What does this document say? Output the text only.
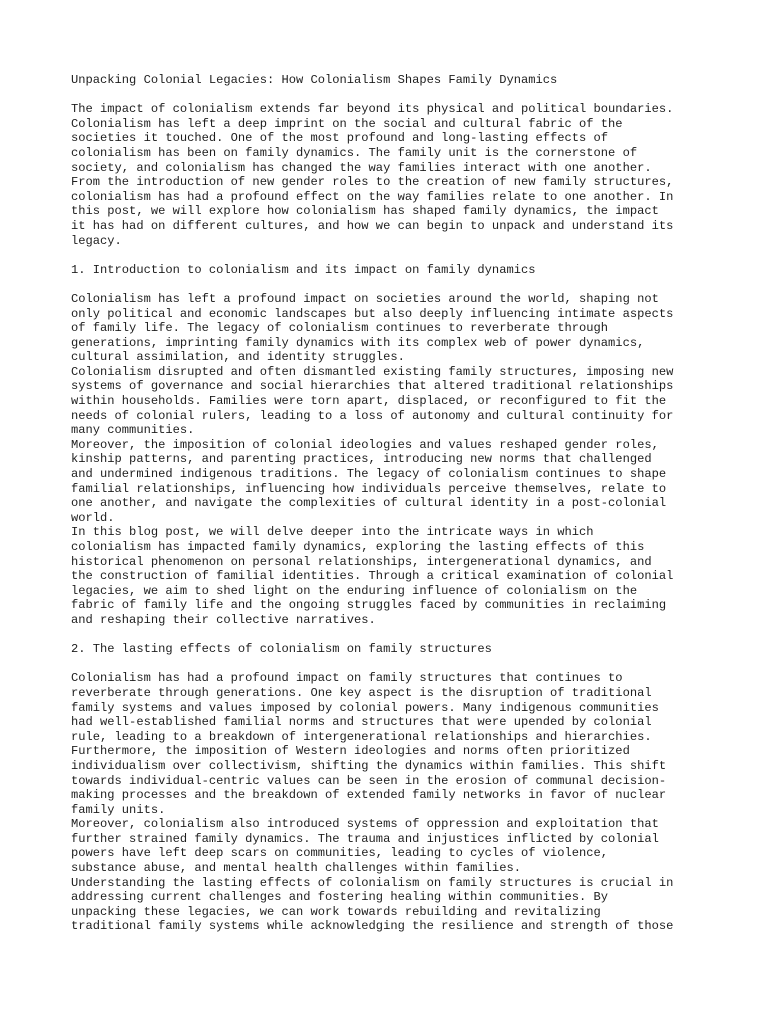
Unpacking Colonial Legacies: How Colonialism Shapes Family Dynamics

The impact of colonialism extends far beyond its physical and political boundaries.
Colonialism has left a deep imprint on the social and cultural fabric of the
societies it touched. One of the most profound and long-lasting effects of
colonialism has been on family dynamics. The family unit is the cornerstone of
society, and colonialism has changed the way families interact with one another.
From the introduction of new gender roles to the creation of new family structures,
colonialism has had a profound effect on the way families relate to one another. In
this post, we will explore how colonialism has shaped family dynamics, the impact
it has had on different cultures, and how we can begin to unpack and understand its
legacy.

1. Introduction to colonialism and its impact on family dynamics

Colonialism has left a profound impact on societies around the world, shaping not
only political and economic landscapes but also deeply influencing intimate aspects
of family life. The legacy of colonialism continues to reverberate through
generations, imprinting family dynamics with its complex web of power dynamics,
cultural assimilation, and identity struggles.

Colonialism disrupted and often dismantled existing family structures, imposing new
systems of governance and social hierarchies that altered traditional relationships
within households. Families were torn apart, displaced, or reconfigured to fit the
needs of colonial rulers, leading to a loss of autonomy and cultural continuity for
many communities.

Moreover, the imposition of colonial ideologies and values reshaped gender roles,
kinship patterns, and parenting practices, introducing new norms that challenged
and undermined indigenous traditions. The legacy of colonialism continues to shape
familial relationships, influencing how individuals perceive themselves, relate to
one another, and navigate the complexities of cultural identity in a post-colonial
world.

In this blog post, we will delve deeper into the intricate ways in which
colonialism has impacted family dynamics, exploring the lasting effects of this
historical phenomenon on personal relationships, intergenerational dynamics, and
the construction of familial identities. Through a critical examination of colonial
legacies, we aim to shed light on the enduring influence of colonialism on the
fabric of family life and the ongoing struggles faced by communities in reclaiming
and reshaping their collective narratives.

2. The lasting effects of colonialism on family structures

Colonialism has had a profound impact on family structures that continues to
reverberate through generations. One key aspect is the disruption of traditional
family systems and values imposed by colonial powers. Many indigenous communities
had well-established familial norms and structures that were upended by colonial
rule, leading to a breakdown of intergenerational relationships and hierarchies.

Furthermore, the imposition of Western ideologies and norms often prioritized
individualism over collectivism, shifting the dynamics within families. This shift
towards individual-centric values can be seen in the erosion of communal decision-
making processes and the breakdown of extended family networks in favor of nuclear
family units.

Moreover, colonialism also introduced systems of oppression and exploitation that
further strained family dynamics. The trauma and injustices inflicted by colonial
powers have left deep scars on communities, leading to cycles of violence,
substance abuse, and mental health challenges within families.

Understanding the lasting effects of colonialism on family structures is crucial in
addressing current challenges and fostering healing within communities. By
unpacking these legacies, we can work towards rebuilding and revitalizing
traditional family systems while acknowledging the resilience and strength of those
